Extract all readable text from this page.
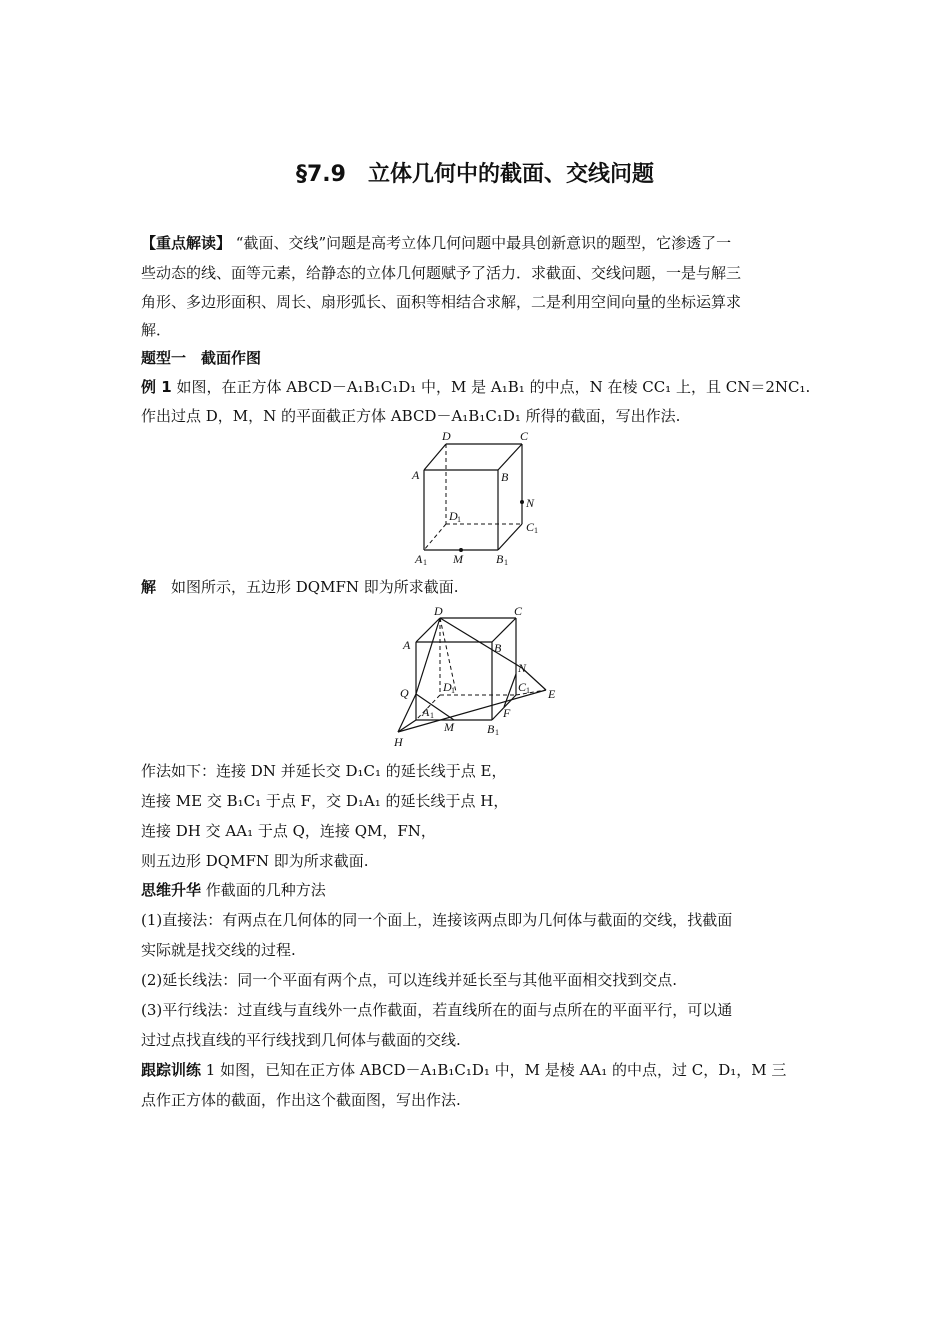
§7.9　立体几何中的截面、交线问题
【重点解读】 “截面、交线”问题是高考立体几何问题中最具创新意识的题型，它渗透了一
些动态的线、面等元素，给静态的立体几何题赋予了活力．求截面、交线问题，一是与解三
角形、多边形面积、周长、扇形弧长、面积等相结合求解，二是利用空间向量的坐标运算求
解．
题型一　截面作图
例 1 如图，在正方体 ABCD－A₁B₁C₁D₁ 中，M 是 A₁B₁ 的中点，N 在棱 CC₁ 上，且 CN＝2NC₁.
作出过点 D，M，N 的平面截正方体 ABCD－A₁B₁C₁D₁ 所得的截面，写出作法.
D	C
A	B
N
D 1
C 1
A 1 M	B 1
解　如图所示，五边形 DQMFN 即为所求截面.
D	C
A	B
N
Q	D 1	C 1 E
A 1	F
M	B 1
H
作法如下：连接 DN 并延长交 D₁C₁ 的延长线于点 E，
连接 ME 交 B₁C₁ 于点 F，交 D₁A₁ 的延长线于点 H，
连接 DH 交 AA₁ 于点 Q，连接 QM，FN，
则五边形 DQMFN 即为所求截面.
思维升华 作截面的几种方法
(1)直接法：有两点在几何体的同一个面上，连接该两点即为几何体与截面的交线，找截面
实际就是找交线的过程.
(2)延长线法：同一个平面有两个点，可以连线并延长至与其他平面相交找到交点.
(3)平行线法：过直线与直线外一点作截面，若直线所在的面与点所在的平面平行，可以通
过过点找直线的平行线找到几何体与截面的交线.
跟踪训练 1 如图，已知在正方体 ABCD－A₁B₁C₁D₁ 中，M 是棱 AA₁ 的中点，过 C，D₁，M 三
点作正方体的截面，作出这个截面图，写出作法.
